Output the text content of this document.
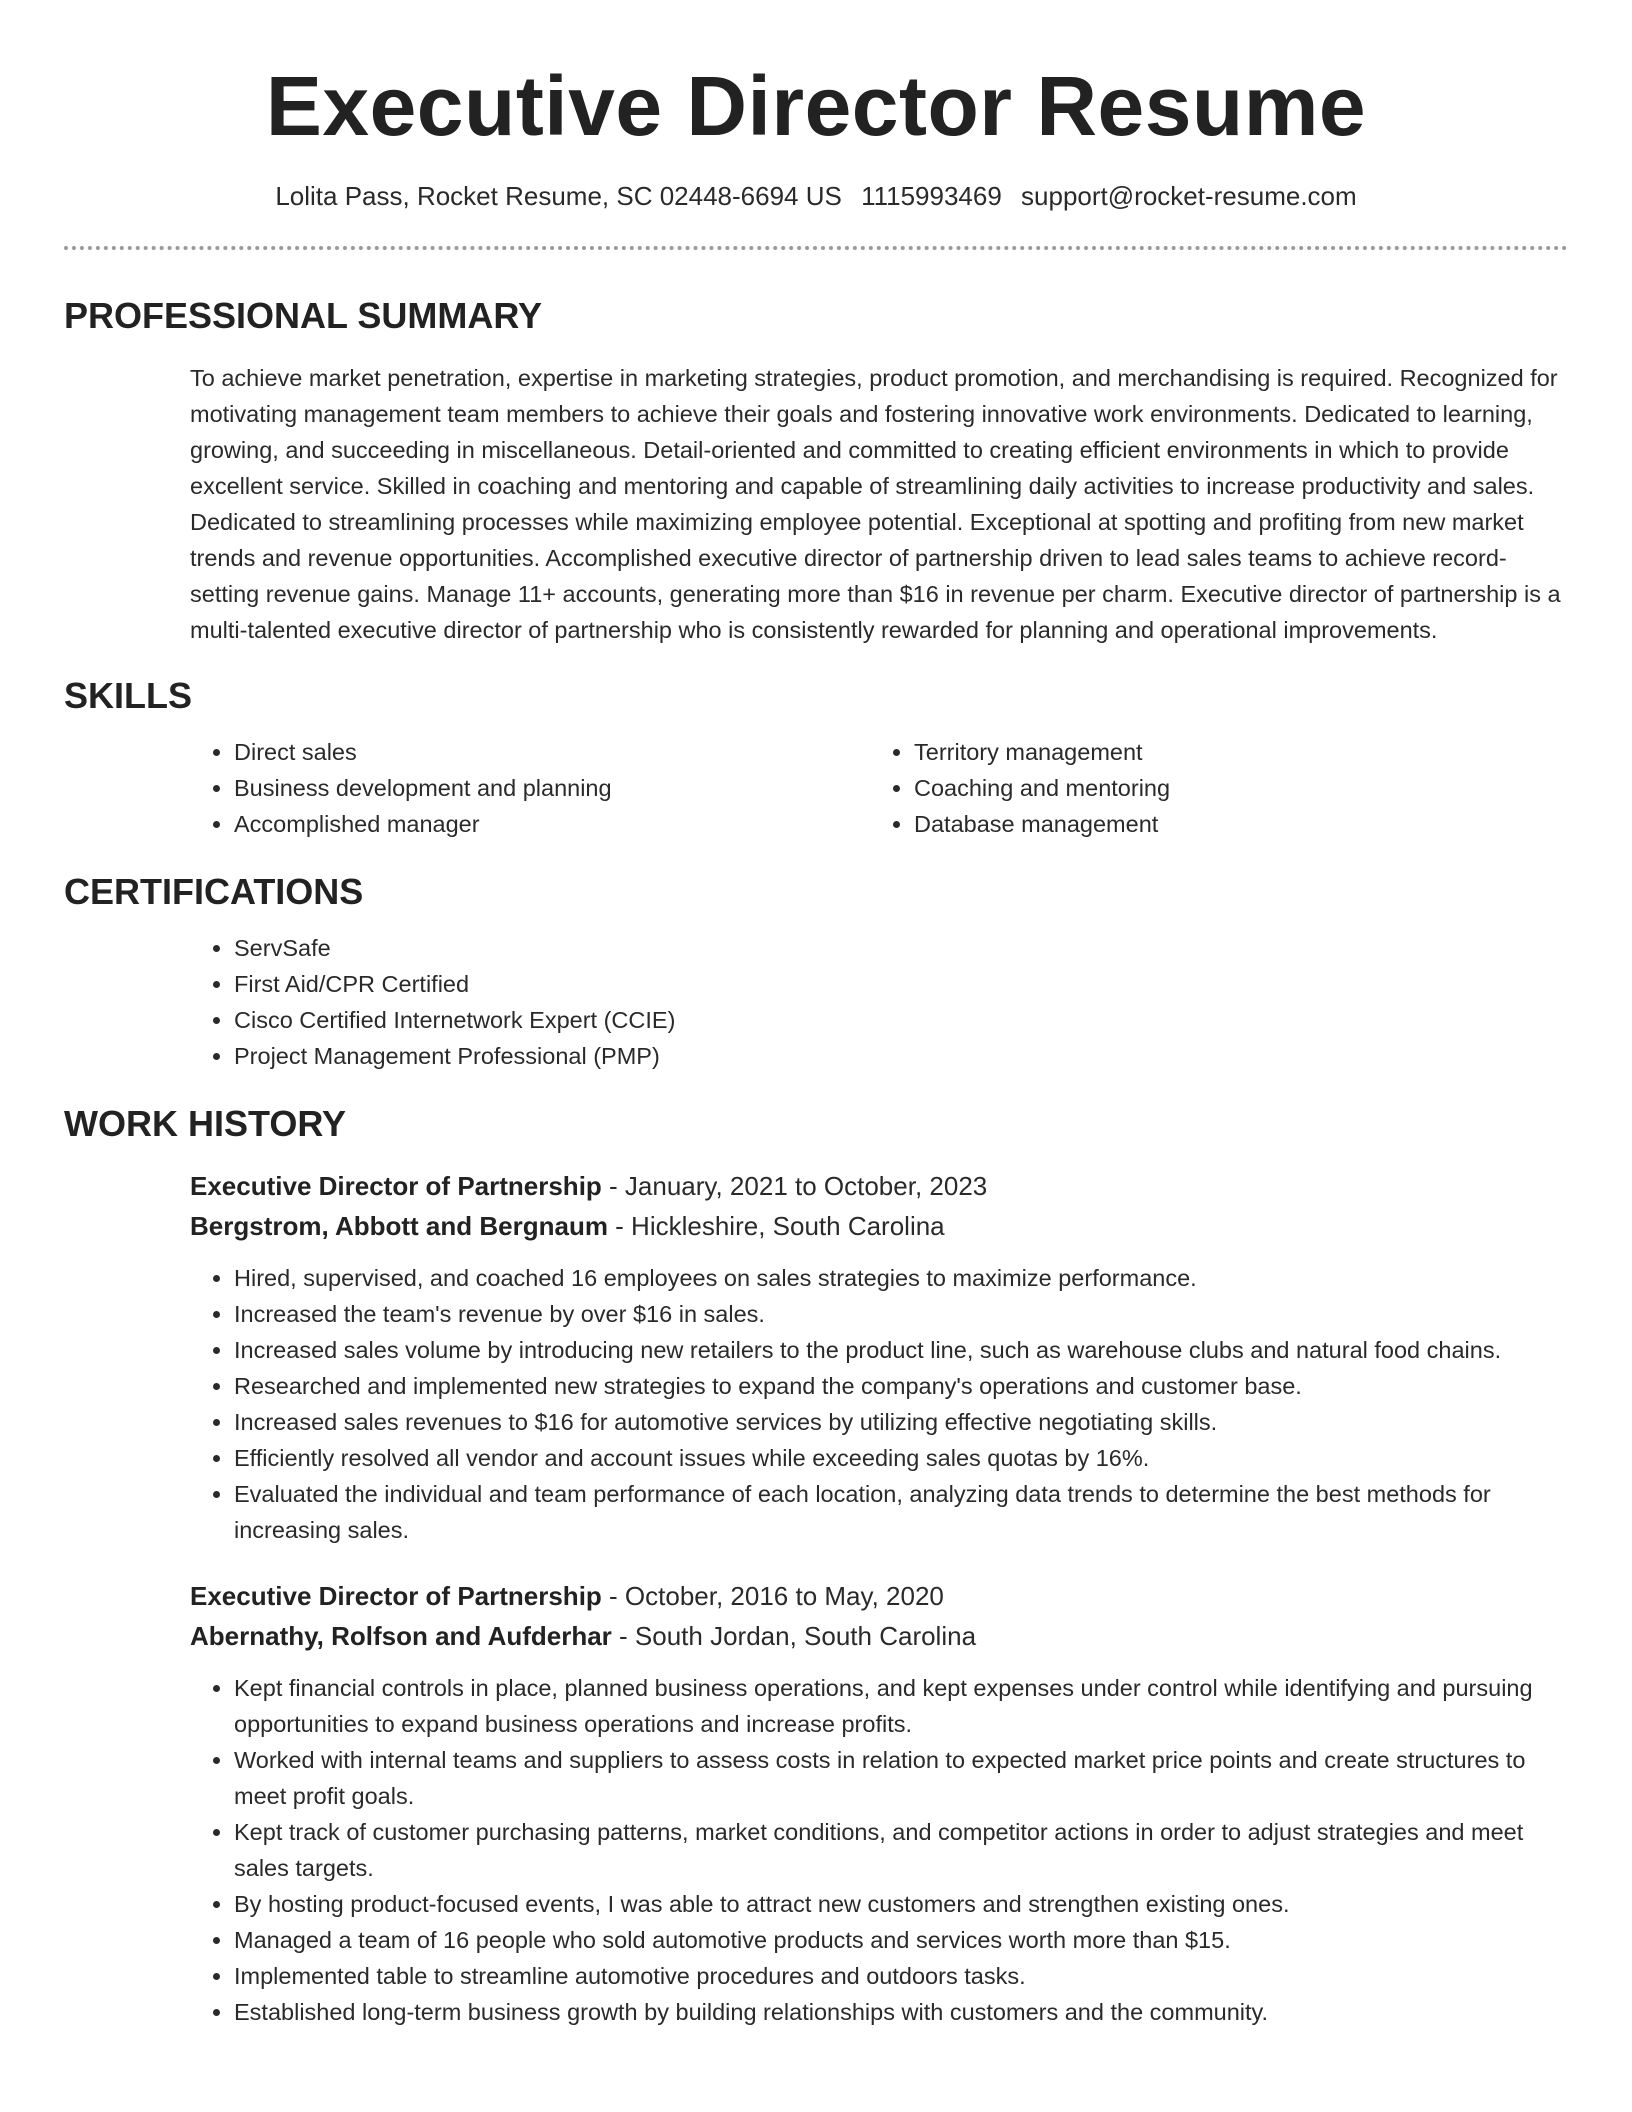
Executive Director Resume
Lolita Pass, Rocket Resume, SC 02448-6694 US 1115993469 support@rocket-resume.com
PROFESSIONAL SUMMARY

To achieve market penetration, expertise in marketing strategies, product promotion, and merchandising is required. Recognized for motivating management team members to achieve their goals and fostering innovative work environments. Dedicated to learning, growing, and succeeding in miscellaneous. Detail-oriented and committed to creating efficient environments in which to provide excellent service. Skilled in coaching and mentoring and capable of streamlining daily activities to increase productivity and sales. Dedicated to streamlining processes while maximizing employee potential. Exceptional at spotting and profiting from new market trends and revenue opportunities. Accomplished executive director of partnership driven to lead sales teams to achieve record-setting revenue gains. Manage 11+ accounts, generating more than $16 in revenue per charm. Executive director of partnership is a multi-talented executive director of partnership who is consistently rewarded for planning and operational improvements.

SKILLS
• Direct sales
• Business development and planning
• Accomplished manager
• Territory management
• Coaching and mentoring
• Database management
CERTIFICATIONS
• ServSafe
• First Aid/CPR Certified
• Cisco Certified Internetwork Expert (CCIE)
• Project Management Professional (PMP)
WORK HISTORY
Executive Director of Partnership - January, 2021 to October, 2023
Bergstrom, Abbott and Bergnaum - Hickleshire, South Carolina
• Hired, supervised, and coached 16 employees on sales strategies to maximize performance.
• Increased the team's revenue by over $16 in sales.
• Increased sales volume by introducing new retailers to the product line, such as warehouse clubs and natural food chains.
• Researched and implemented new strategies to expand the company's operations and customer base.
• Increased sales revenues to $16 for automotive services by utilizing effective negotiating skills.
• Efficiently resolved all vendor and account issues while exceeding sales quotas by 16%.
• Evaluated the individual and team performance of each location, analyzing data trends to determine the best methods for increasing sales.
Executive Director of Partnership - October, 2016 to May, 2020
Abernathy, Rolfson and Aufderhar - South Jordan, South Carolina
• Kept financial controls in place, planned business operations, and kept expenses under control while identifying and pursuing opportunities to expand business operations and increase profits.
• Worked with internal teams and suppliers to assess costs in relation to expected market price points and create structures to meet profit goals.
• Kept track of customer purchasing patterns, market conditions, and competitor actions in order to adjust strategies and meet sales targets.
• By hosting product-focused events, I was able to attract new customers and strengthen existing ones.
• Managed a team of 16 people who sold automotive products and services worth more than $15.
• Implemented table to streamline automotive procedures and outdoors tasks.
• Established long-term business growth by building relationships with customers and the community.
